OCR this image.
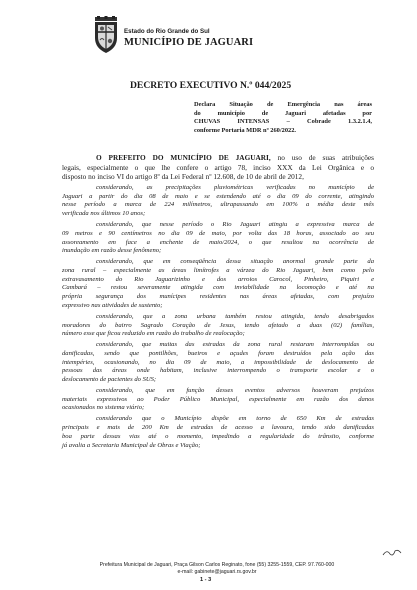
Estado do Rio Grande do Sul
MUNICÍPIO DE JAGUARI
DECRETO EXECUTIVO N.º 044/2025
Declara Situação de Emergência nas áreas
do município de Jaguari afetadas por
CHUVAS INTENSAS – Cobrade 1.3.2.1.4,
conforme Portaria MDR nº 260/2022.
O PREFEITO DO MUNICÍPIO DE JAGUARI, no uso de suas atribuições
legais, especialmente o que lhe confere o artigo 78, inciso XXX da Lei Orgânica e o
disposto no inciso VI do artigo 8º da Lei Federal nº 12.608, de 10 de abril de 2012,
considerando, as precipitações pluviométricas verificadas no município de
Jaguari a partir do dia 08 de maio e se estendendo até o dia 09 do corrente, atingindo
nesse período a marca de 224 milímetros, ultrapassando em 100% a média deste mês
verificada nos últimos 10 anos;
considerando, que nesse período o Rio Jaguari atingiu a expressiva marca de
09 metros e 90 centímetros no dia 09 de maio, por volta das 18 horas, associado ao seu
assoreamento em face a enchente de maio/2024, o que resultou na ocorrência de
inundação em razão desse fenômeno;
considerando, que em conseqüência dessa situação anormal grande parte da
zona rural – especialmente as áreas limítrofes a várzea do Rio Jaguari, bem como pelo
extravasamento do Rio Jaguarizinho e dos arroios Carocol, Pinheiro, Piquiri e
Cambará – restou severamente atingida com inviabilidade na locomoção e até na
própria segurança dos munícipes residentes nas áreas afetadas, com prejuízo
expressivo nas atividades de sustento;
considerando, que a zona urbana também restou atingida, tendo desabrigados
moradores do bairro Sagrado Coração de Jesus, tendo afetado a duas (02) famílias,
número esse que ficou reduzido em razão do trabalho de realocação;
considerando, que muitas das estradas da zona rural restaram interrompidas ou
danificadas, sendo que pontilhões, bueiros e açudes foram destruídos pela ação das
intempéries, ocasionando, no dia 09 de maio, a impossibilidade de deslocamento de
pessoas das áreas onde habitam, inclusive interrompendo o transporte escolar e o
deslocamento de pacientes do SUS;
considerando, que em função desses eventos adversos houveram prejuízos
materiais expressivos ao Poder Público Municipal, especialmente em razão dos danos
ocasionados no sistema viário;
considerando que o Município dispõe em torno de 650 Km de estradas
principais e mais de 200 Km de estradas de acesso a lavoura, tendo sido danificadas
boa parte dessas vias até o momento, impedindo a regularidade do trânsito, conforme
já avalia a Secretaria Municipal de Obras e Viação;
Prefeitura Municipal de Jaguari, Praça Gilson Carlos Reginato, fone (55) 3255-1559, CEP. 97.760-000
e-mail: gabinete@jaguari.rs.gov.br
1 - 3
